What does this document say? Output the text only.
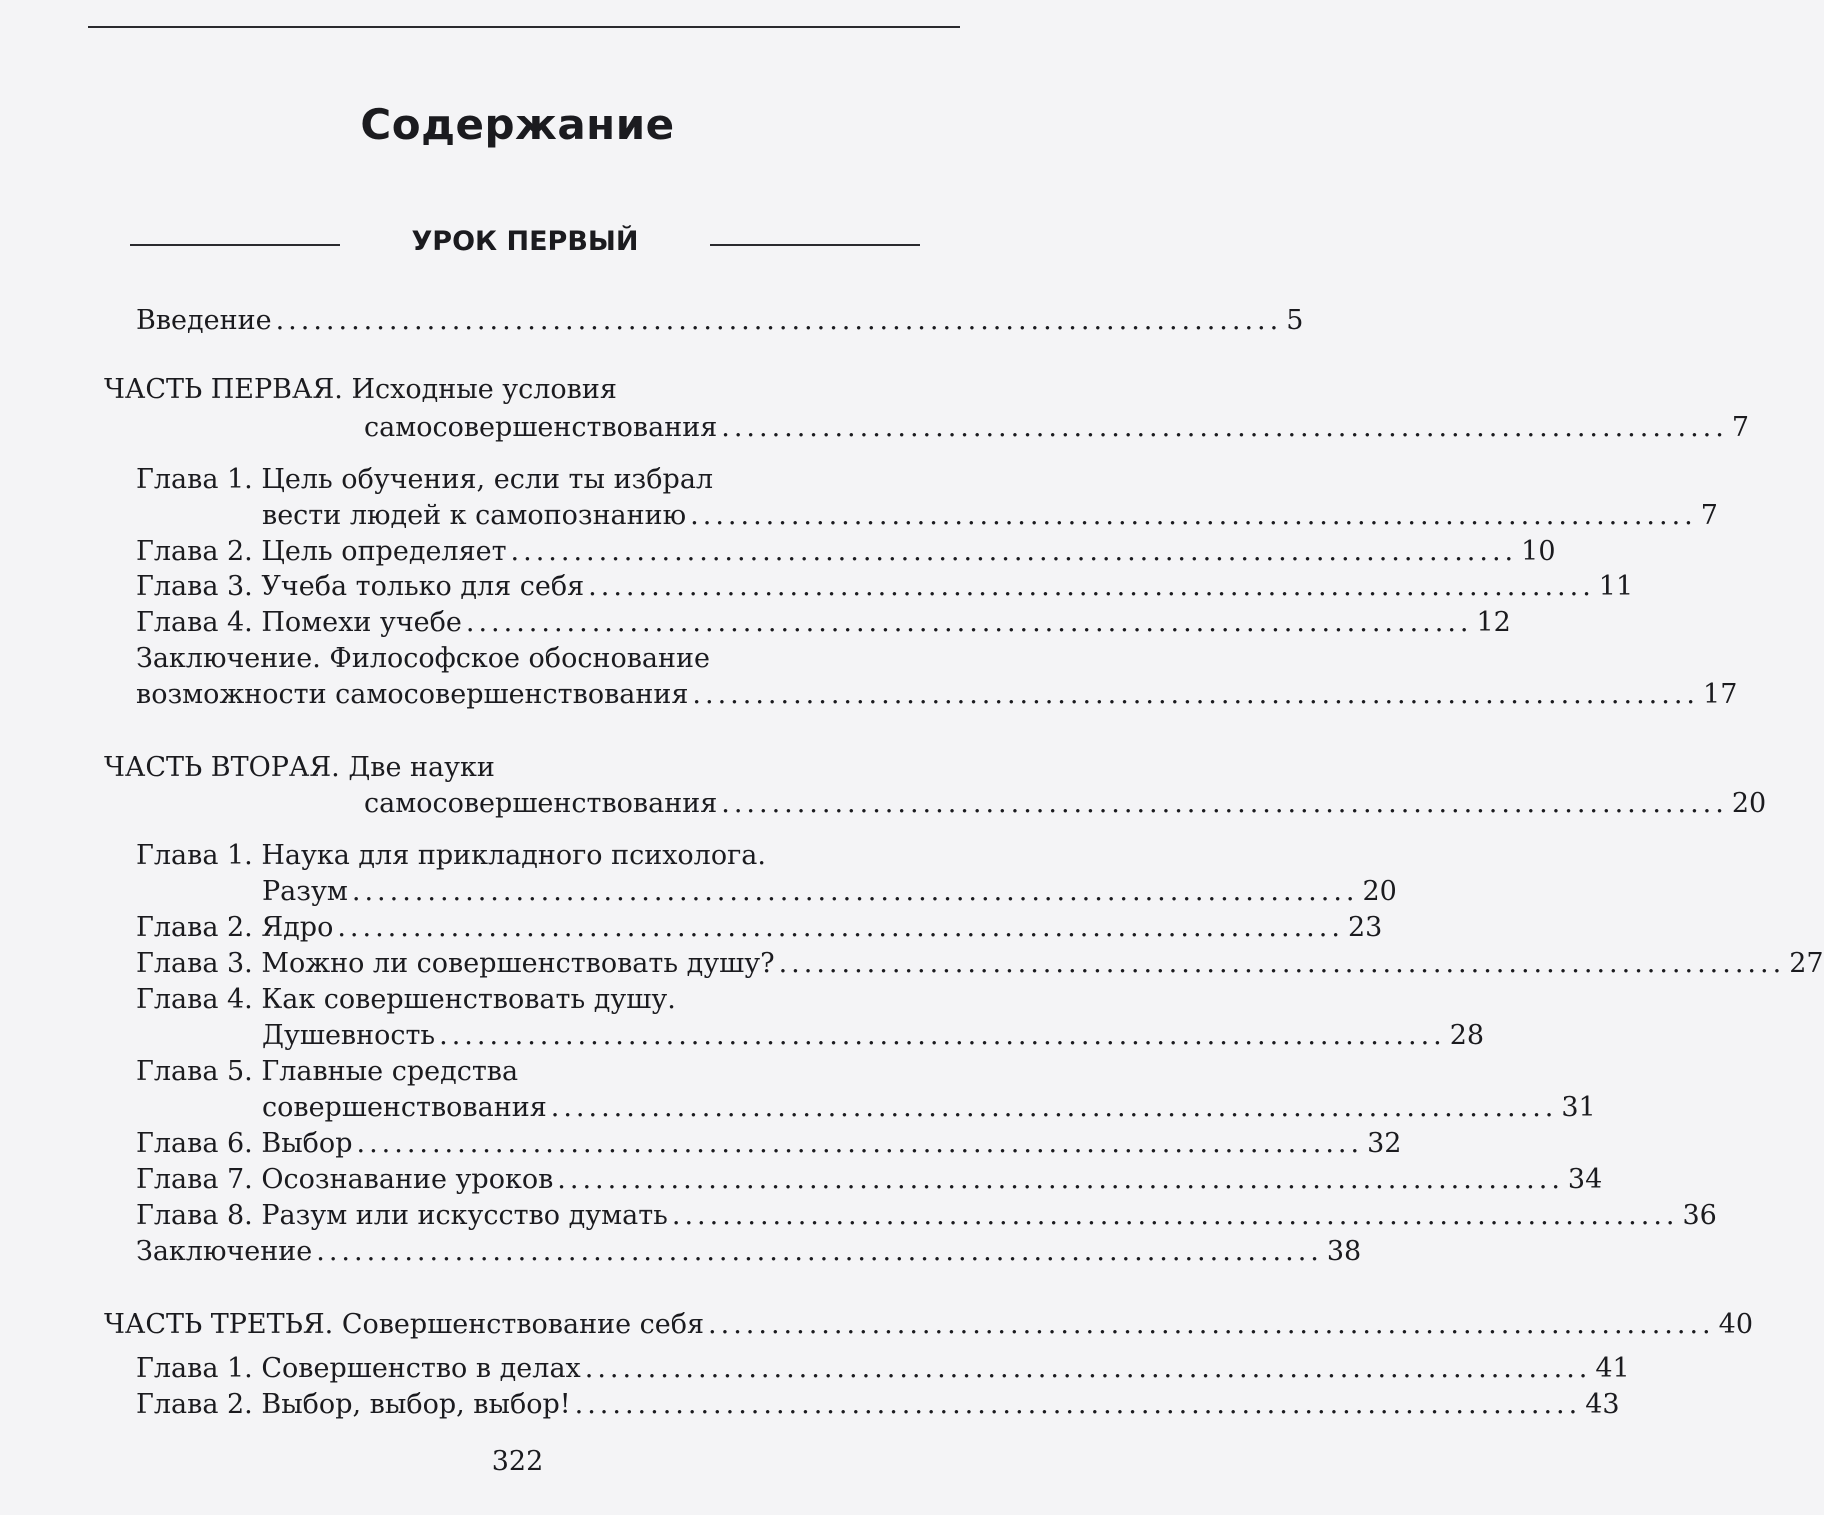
Содержание
УРОК ПЕРВЫЙ
Введение ................................................................................ 5
ЧАСТЬ ПЕРВАЯ. Исходные условия
самосовершенствования ................................................................................ 7
Глава 1. Цель обучения, если ты избрал
вести людей к самопознанию ................................................................................ 7
Глава 2. Цель определяет ................................................................................ 10
Глава 3. Учеба только для себя ................................................................................ 11
Глава 4. Помехи учебе ................................................................................ 12
Заключение. Философское обоснование
возможности самосовершенствования ................................................................................ 17
ЧАСТЬ ВТОРАЯ. Две науки
самосовершенствования ................................................................................ 20
Глава 1. Наука для прикладного психолога.
Разум ................................................................................ 20
Глава 2. Ядро ................................................................................ 23
Глава 3. Можно ли совершенствовать душу? ................................................................................ 27
Глава 4. Как совершенствовать душу.
Душевность ................................................................................ 28
Глава 5. Главные средства
совершенствования ................................................................................ 31
Глава 6. Выбор ................................................................................ 32
Глава 7. Осознавание уроков ................................................................................ 34
Глава 8. Разум или искусство думать ................................................................................ 36
Заключение ................................................................................ 38
ЧАСТЬ ТРЕТЬЯ. Совершенствование себя ................................................................................ 40
Глава 1. Совершенство в делах ................................................................................ 41
Глава 2. Выбор, выбор, выбор! ................................................................................ 43
322
